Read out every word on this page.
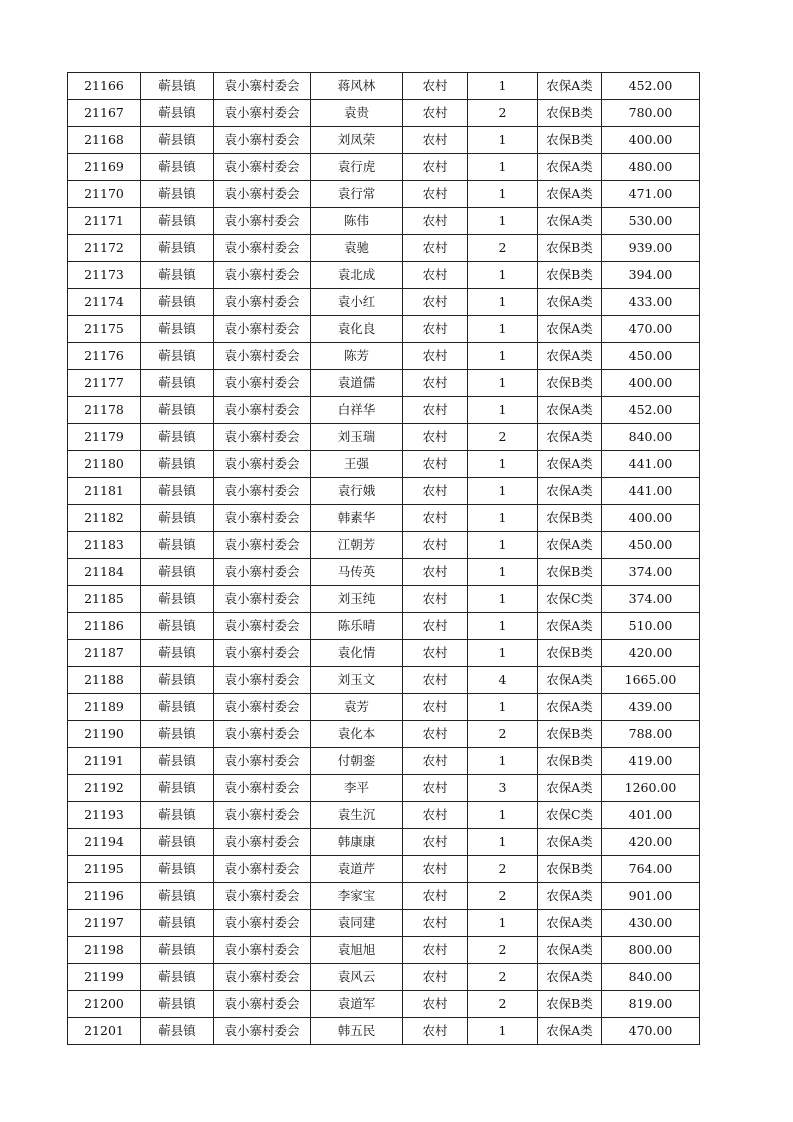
21166	蕲县镇	袁小寨村委会	蒋风林	农村	1	农保A类	452.00
21167	蕲县镇	袁小寨村委会	袁贵	农村	2	农保B类	780.00
21168	蕲县镇	袁小寨村委会	刘凤荣	农村	1	农保B类	400.00
21169	蕲县镇	袁小寨村委会	袁行虎	农村	1	农保A类	480.00
21170	蕲县镇	袁小寨村委会	袁行常	农村	1	农保A类	471.00
21171	蕲县镇	袁小寨村委会	陈伟	农村	1	农保A类	530.00
21172	蕲县镇	袁小寨村委会	袁驰	农村	2	农保B类	939.00
21173	蕲县镇	袁小寨村委会	袁北成	农村	1	农保B类	394.00
21174	蕲县镇	袁小寨村委会	袁小红	农村	1	农保A类	433.00
21175	蕲县镇	袁小寨村委会	袁化良	农村	1	农保A类	470.00
21176	蕲县镇	袁小寨村委会	陈芳	农村	1	农保A类	450.00
21177	蕲县镇	袁小寨村委会	袁道儒	农村	1	农保B类	400.00
21178	蕲县镇	袁小寨村委会	白祥华	农村	1	农保A类	452.00
21179	蕲县镇	袁小寨村委会	刘玉瑞	农村	2	农保A类	840.00
21180	蕲县镇	袁小寨村委会	王强	农村	1	农保A类	441.00
21181	蕲县镇	袁小寨村委会	袁行娥	农村	1	农保A类	441.00
21182	蕲县镇	袁小寨村委会	韩素华	农村	1	农保B类	400.00
21183	蕲县镇	袁小寨村委会	江朝芳	农村	1	农保A类	450.00
21184	蕲县镇	袁小寨村委会	马传英	农村	1	农保B类	374.00
21185	蕲县镇	袁小寨村委会	刘玉纯	农村	1	农保C类	374.00
21186	蕲县镇	袁小寨村委会	陈乐晴	农村	1	农保A类	510.00
21187	蕲县镇	袁小寨村委会	袁化情	农村	1	农保B类	420.00
21188	蕲县镇	袁小寨村委会	刘玉文	农村	4	农保A类	1665.00
21189	蕲县镇	袁小寨村委会	袁芳	农村	1	农保A类	439.00
21190	蕲县镇	袁小寨村委会	袁化本	农村	2	农保B类	788.00
21191	蕲县镇	袁小寨村委会	付朝銮	农村	1	农保B类	419.00
21192	蕲县镇	袁小寨村委会	李平	农村	3	农保A类	1260.00
21193	蕲县镇	袁小寨村委会	袁生沉	农村	1	农保C类	401.00
21194	蕲县镇	袁小寨村委会	韩康康	农村	1	农保A类	420.00
21195	蕲县镇	袁小寨村委会	袁道芹	农村	2	农保B类	764.00
21196	蕲县镇	袁小寨村委会	李家宝	农村	2	农保A类	901.00
21197	蕲县镇	袁小寨村委会	袁同建	农村	1	农保A类	430.00
21198	蕲县镇	袁小寨村委会	袁旭旭	农村	2	农保A类	800.00
21199	蕲县镇	袁小寨村委会	袁风云	农村	2	农保A类	840.00
21200	蕲县镇	袁小寨村委会	袁道军	农村	2	农保B类	819.00
21201	蕲县镇	袁小寨村委会	韩五民	农村	1	农保A类	470.00
